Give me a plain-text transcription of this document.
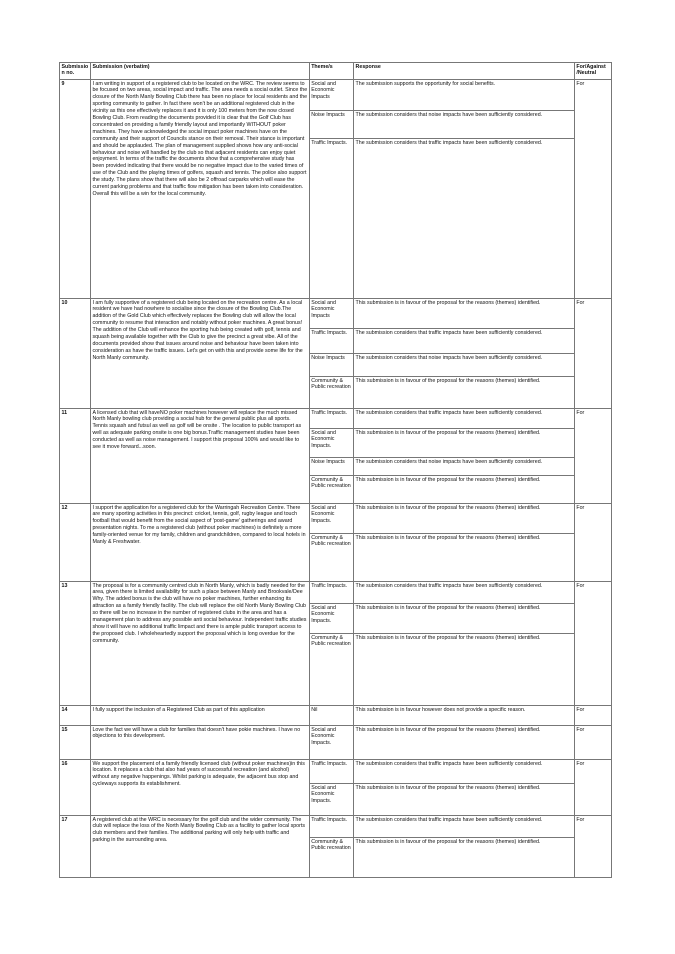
Submission no.	Submission (verbatim)	Theme/s	Response	For/Against /Neutral
9	I am writing in support of a registered club to be located on the WRC. The review seems to be focused on two areas, social impact and traffic. The area needs a social outlet. Since the closure of the North Manly Bowling Club there has been no place for local residents and the sporting community to gather. In fact there won't be an additional registered club in the vicinity as this one effectively replaces it and it is only 100 meters from the now closed Bowling Club. From reading the documents provided it is clear that the Golf Club has concentrated on providing a family friendly layout and importantly WITHOUT poker machines. They have acknowledged the social impact poker machines have on the community and their support of Councils stance on their removal. Their stance is important and should be applauded. The plan of management supplied shows how any anti-social behaviour and noise will handled by the club so that adjacent residents can enjoy quiet enjoyment. In terms of the traffic the documents show that a comprehensive study has been provided indicating that there would be no negative impact due to the varied times of use of the Club and the playing times of golfers, squash and tennis. The police also support the study. The plans show that there will also be 2 offroad carparks which will ease the current parking problems and that traffic flow mitigation has been taken into consideration. Overall this will be a win for the local community.	Social and Economic Impacts	The submission supports the opportunity for social benefits.	For
		Noise Impacts	The submission considers that noise impacts have been sufficiently considered.	
		Traffic Impacts.	The submission considers that traffic impacts have been sufficiently considered.	
10	I am fully supportive of a registered club being located on the recreation centre. As a local resident we have had nowhere to socialise since the closure of the Bowling Club.The addition of the Gold Club which effectively replaces the Bowling club will allow the local community to resume that interaction and notably without poker machines. A great bonus! The addition of the Club will enhance the sporting hub being created with golf, tennis and squash being available together with the Club to give the precinct a great vibe. All of the documents provided show that issues around noise and behaviour have been taken into consideration as have the traffic issues. Let's get on with this and provide some life for the North Manly community.	Social and Economic Impacts	This submission is in favour of the proposal for the reasons (themes) identified.	For
		Traffic Impacts.	The submission considers that traffic impacts have been sufficiently considered.	
		Noise Impacts	The submission considers that noise impacts have been sufficiently considered.	
		Community & Public recreation	This submission is in favour of the proposal for the reasons (themes) identified.	
11	A licensed club that will haveNO poker machines however will replace the much missed North Manly bowling club providing a social hub for the general public plus all sports. Tennis squash and futsul as well as golf will be onsite . The location to public transport as well as adequate parking onsite is one big bonus.Traffic management studies have been conducted as well as noise management. I support this proposal 100% and would like to see it move forward...soon.	Traffic Impacts.	The submission considers that traffic impacts have been sufficiently considered.	For
		Social and Economic Impacts.	This submission is in favour of the proposal for the reasons (themes) identified.	
		Noise Impacts	The submission considers that noise impacts have been sufficiently considered.	
		Community & Public recreation	This submission is in favour of the proposal for the reasons (themes) identified.	
12	I support the application for a registered club for the Warringah Recreation Centre. There are many sporting activities in this precinct: cricket, tennis, golf, rugby league and touch football that would benefit from the social aspect of 'post-game' gatherings and award presentation nights. To me a registered club (without poker machines) is definitely a more family-oriented venue for my family, children and grandchildren, compared to local hotels in Manly & Freshwater.	Social and Economic Impacts.	This submission is in favour of the proposal for the reasons (themes) identified.	For
		Community & Public recreation	This submission is in favour of the proposal for the reasons (themes) identified.	
13	The proposal is for a community centred club in North Manly, which is badly needed for the area, given there is limited availability for such a place between Manly and Brookvale/Dee Why. The added bonus is the club will have no poker machines, further enhancing its attraction as a family friendly facility. The club will replace the old North Manly Bowling Club so there will be no increase in the number of registered clubs in the area and has a management plan to address any possible anti social behaviour. Independent traffic studies show it will have no additional traffic limpact and there is ample public transport access to the proposed club. I wholeheartedly support the proposal which is long overdue for the community.	Traffic Impacts.	The submission considers that traffic impacts have been sufficiently considered.	For
		Social and Economic Impacts.	This submission is in favour of the proposal for the reasons (themes) identified.	
		Community & Public recreation	This submission is in favour of the proposal for the reasons (themes) identified.	
14	I fully support the inclusion of a Registered Club as part of this application	Nil	This submission is in favour however does not provide a specific reason.	For
15	Love the fact we will have a club for families that doesn't have pokie machines. I have no objections to this development.	Social and Economic Impacts.	This submission is in favour of the proposal for the reasons (themes) identified.	For
16	We support the placement of a family friendly licensed club (without poker machines)in this location. It replaces a club that also had years of successful recreation (and alcohol) without any negative happenings. Whilst parking is adequate, the adjacent bus stop and cycleways supports its establishment.	Traffic Impacts.	The submission considers that traffic impacts have been sufficiently considered.	For
		Social and Economic Impacts.	This submission is in favour of the proposal for the reasons (themes) identified.	
17	A registered club at the WRC is necessary for the golf club and the wider community. The club will replace the loss of the North Manly Bowling Club as a facility to gather local sports club members and their families. The additional parking will only help with traffic and parking in the surrounding area.	Traffic Impacts.	The submission considers that traffic impacts have been sufficiently considered.	For
		Community & Public recreation	This submission is in favour of the proposal for the reasons (themes) identified.	
